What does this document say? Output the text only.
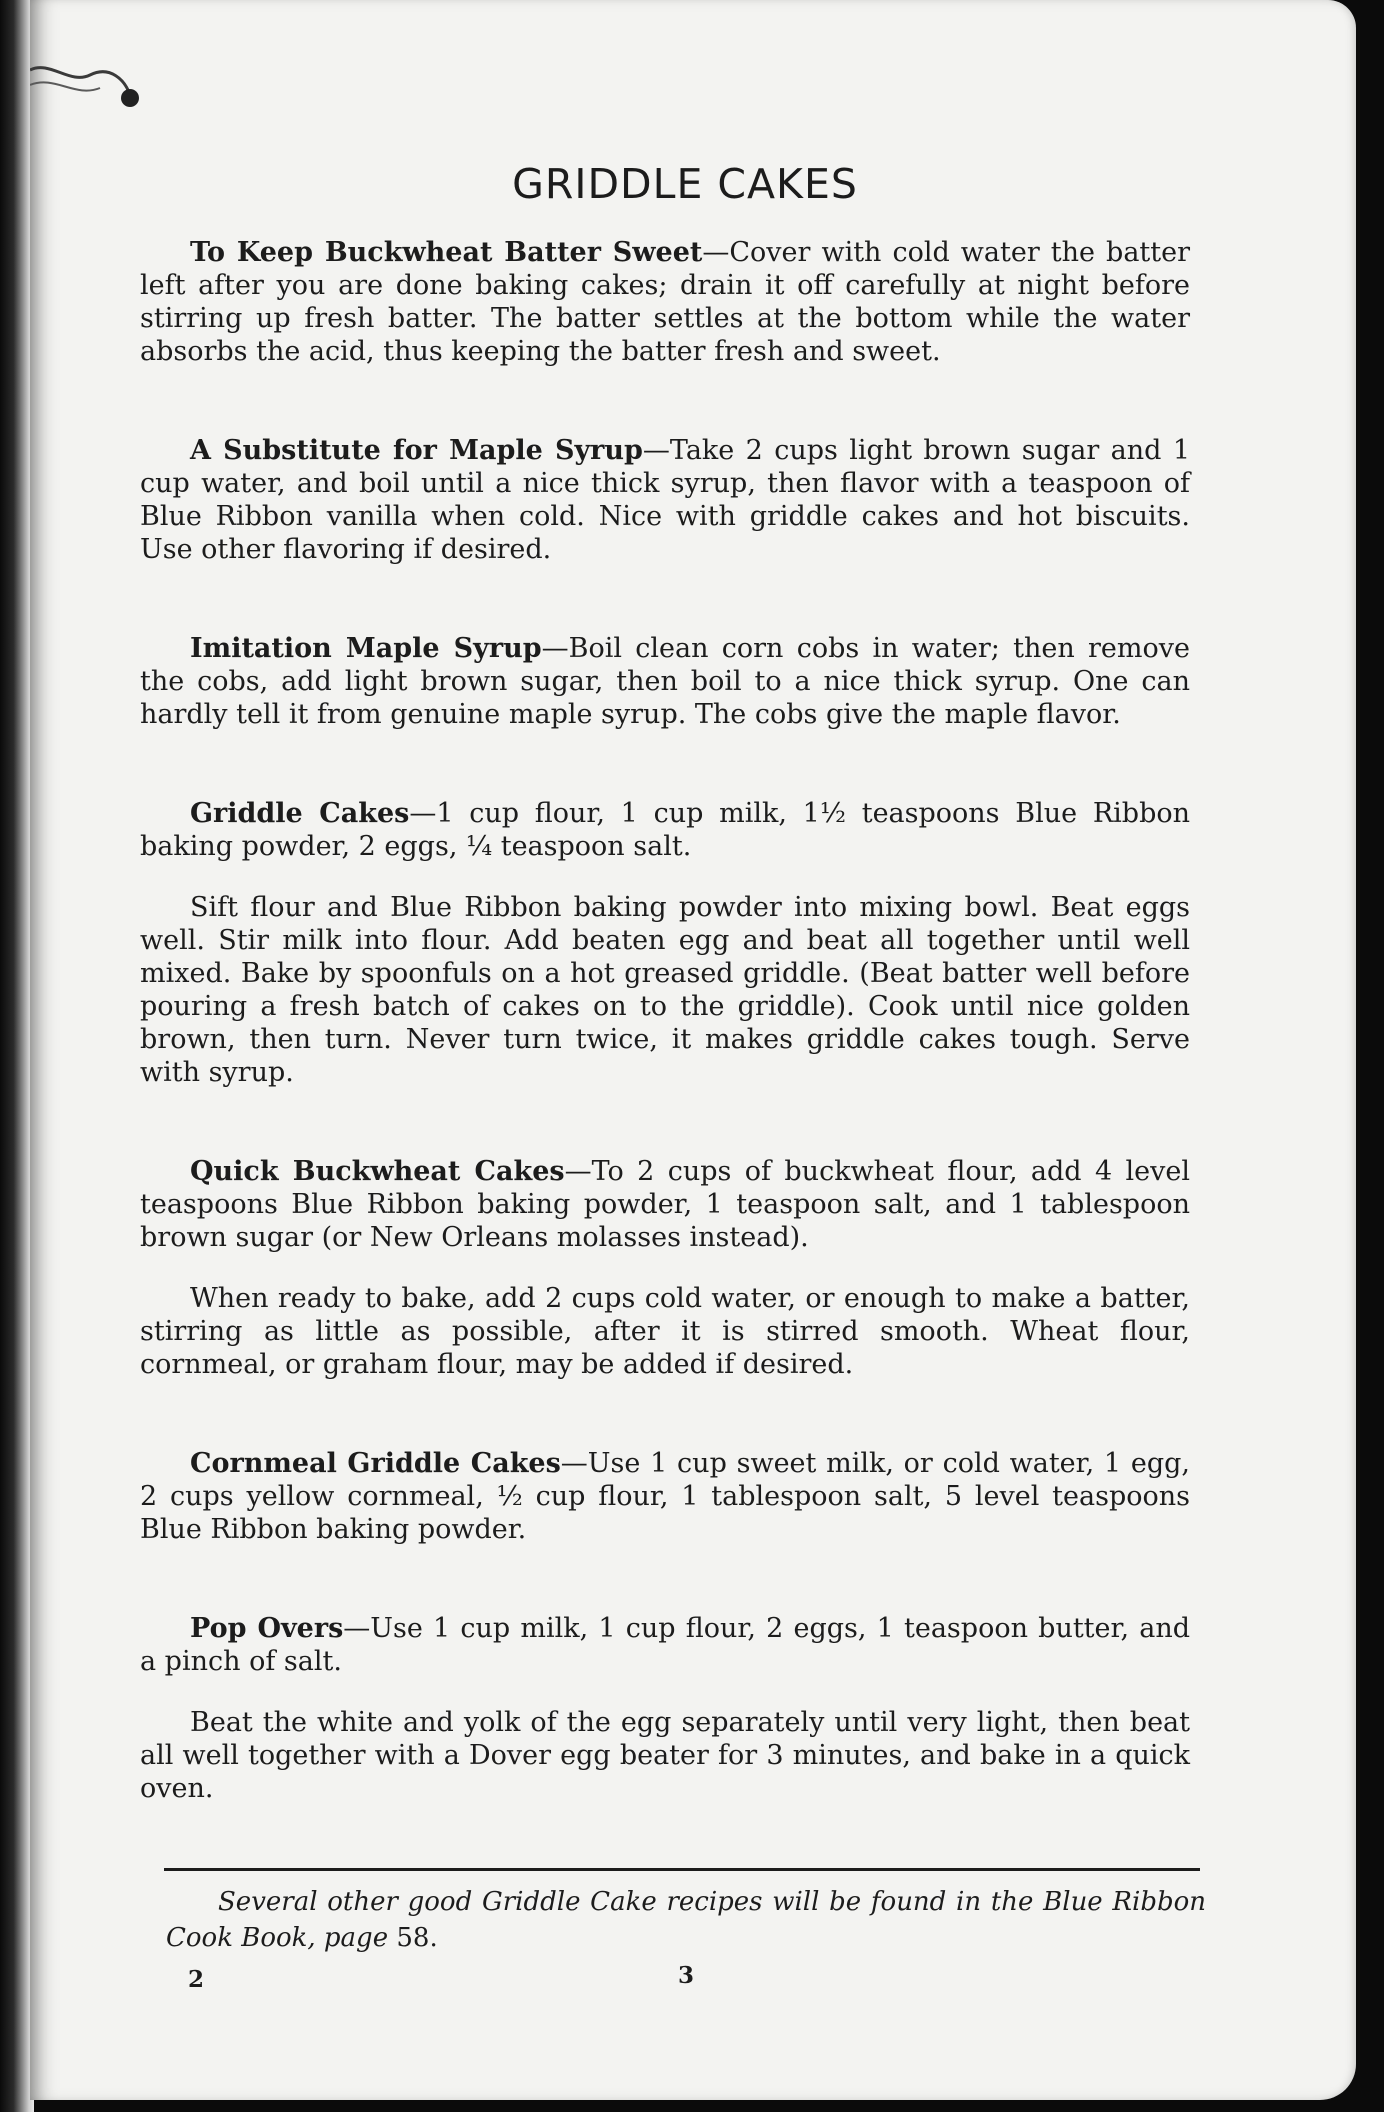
GRIDDLE CAKES

To Keep Buckwheat Batter Sweet—Cover with cold water the batter left after you are done baking cakes; drain it off carefully at night before stirring up fresh batter. The batter settles at the bottom while the water absorbs the acid, thus keeping the batter fresh and sweet.

A Substitute for Maple Syrup—Take 2 cups light brown sugar and 1 cup water, and boil until a nice thick syrup, then flavor with a teaspoon of Blue Ribbon vanilla when cold. Nice with griddle cakes and hot biscuits. Use other flavoring if desired.

Imitation Maple Syrup—Boil clean corn cobs in water; then remove the cobs, add light brown sugar, then boil to a nice thick syrup. One can hardly tell it from genuine maple syrup. The cobs give the maple flavor.

Griddle Cakes—1 cup flour, 1 cup milk, 1½ teaspoons Blue Ribbon baking powder, 2 eggs, ¼ teaspoon salt.

Sift flour and Blue Ribbon baking powder into mixing bowl. Beat eggs well. Stir milk into flour. Add beaten egg and beat all together until well mixed. Bake by spoonfuls on a hot greased griddle. (Beat batter well before pouring a fresh batch of cakes on to the griddle). Cook until nice golden brown, then turn. Never turn twice, it makes griddle cakes tough. Serve with syrup.

Quick Buckwheat Cakes—To 2 cups of buckwheat flour, add 4 level teaspoons Blue Ribbon baking powder, 1 teaspoon salt, and 1 tablespoon brown sugar (or New Orleans molasses instead).

When ready to bake, add 2 cups cold water, or enough to make a batter, stirring as little as possible, after it is stirred smooth. Wheat flour, cornmeal, or graham flour, may be added if desired.

Cornmeal Griddle Cakes—Use 1 cup sweet milk, or cold water, 1 egg, 2 cups yellow cornmeal, ½ cup flour, 1 tablespoon salt, 5 level teaspoons Blue Ribbon baking powder.

Pop Overs—Use 1 cup milk, 1 cup flour, 2 eggs, 1 teaspoon butter, and a pinch of salt.

Beat the white and yolk of the egg separately until very light, then beat all well together with a Dover egg beater for 3 minutes, and bake in a quick oven.

Several other good Griddle Cake recipes will be found in the Blue Ribbon Cook Book, page 58.

2	3
